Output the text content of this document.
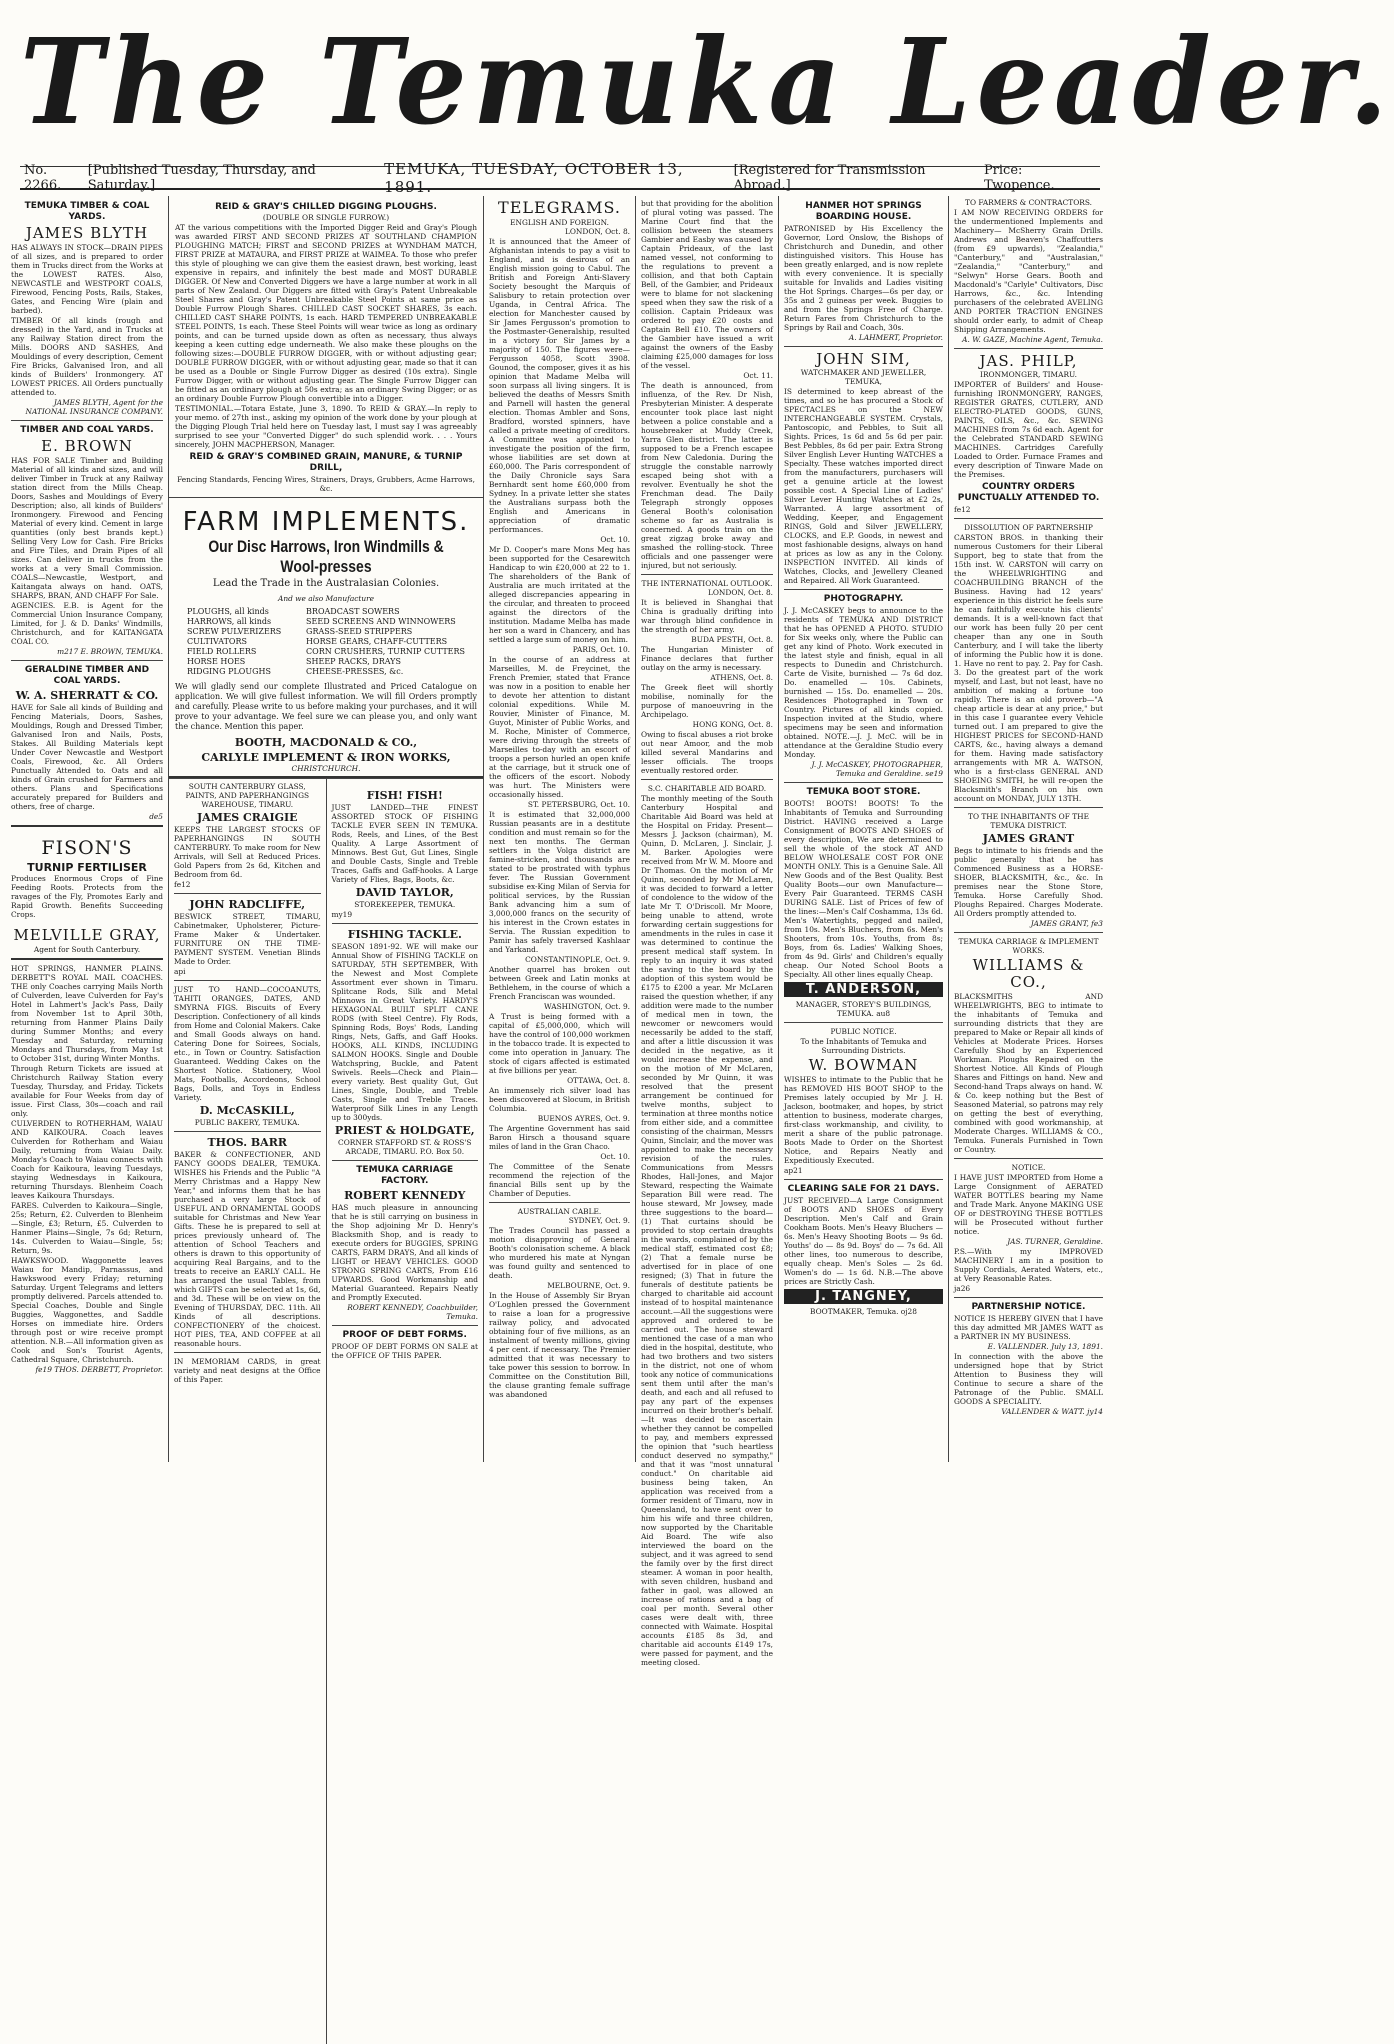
The Temuka Leader.
No. 2266.
[Published Tuesday, Thursday, and Saturday.]
TEMUKA, TUESDAY, OCTOBER 13, 1891.
[Registered for Transmission Abroad.]
Price: Twopence.
TEMUKA TIMBER & COAL YARDS.
JAMES BLYTH

HAS ALWAYS IN STOCK—DRAIN PIPES of all sizes, and is prepared to order them in Trucks direct from the Works at the LOWEST RATES. Also, NEWCASTLE and WESTPORT COALS, Firewood, Fencing Posts, Rails, Stakes, Gates, and Fencing Wire (plain and barbed).

TIMBER Of all kinds (rough and dressed) in the Yard, and in Trucks at any Railway Station direct from the Mills. DOORS AND SASHES, And Mouldings of every description, Cement Fire Bricks, Galvanised Iron, and all kinds of Builders' Ironmongery. AT LOWEST PRICES. All Orders punctually attended to.

JAMES BLYTH, Agent for the NATIONAL INSURANCE COMPANY.

TIMBER AND COAL YARDS.
E. BROWN

HAS FOR SALE Timber and Building Material of all kinds and sizes, and will deliver Timber in Truck at any Railway station direct from the Mills Cheap. Doors, Sashes and Mouldings of Every Description; also, all kinds of Builders' Ironmongery. Firewood and Fencing Material of every kind. Cement in large quantities (only best brands kept.) Selling Very Low for Cash. Fire Bricks and Fire Tiles, and Drain Pipes of all sizes. Can deliver in trucks from the works at a very Small Commission. COALS—Newcastle, Westport, and Kaitangata always on hand. OATS, SHARPS, BRAN, AND CHAFF For Sale.

AGENCIES. E.B. is Agent for the Commercial Union Insurance Company, Limited, for J. & D. Danks' Windmills, Christchurch, and for KAITANGATA COAL CO.

m217 E. BROWN, TEMUKA.

GERALDINE TIMBER AND COAL YARDS.
W. A. SHERRATT & CO.

HAVE for Sale all kinds of Building and Fencing Materials, Doors, Sashes, Mouldings, Rough and Dressed Timber, Galvanised Iron and Nails, Posts, Stakes. All Building Materials kept Under Cover Newcastle and Westport Coals, Firewood, &c. All Orders Punctually Attended to. Oats and all kinds of Grain crushed for Farmers and others. Plans and Specifications accurately prepared for Builders and others, free of charge.

de5

FISON'S
TURNIP FERTILISER

Produces Enormous Crops of Fine Feeding Roots. Protects from the ravages of the Fly, Promotes Early and Rapid Growth. Benefits Succeeding Crops.

MELVILLE GRAY,

Agent for South Canterbury.

HOT SPRINGS, HANMER PLAINS. DERBETT'S ROYAL MAIL COACHES. THE only Coaches carrying Mails North of Culverden, leave Culverden for Fay's Hotel in Lahmert's Jack's Pass, Daily from November 1st to April 30th, returning from Hanmer Plains Daily during Summer Months; and every Tuesday and Saturday, returning Mondays and Thursdays, from May 1st to October 31st, during Winter Months.

Through Return Tickets are issued at Christchurch Railway Station every Tuesday, Thursday, and Friday. Tickets available for Four Weeks from day of issue. First Class, 30s—coach and rail only.

CULVERDEN to ROTHERHAM, WAIAU AND KAIKOURA. Coach leaves Culverden for Rotherham and Waiau Daily, returning from Waiau Daily. Monday's Coach to Waiau connects with Coach for Kaikoura, leaving Tuesdays, staying Wednesdays in Kaikoura, returning Thursdays. Blenheim Coach leaves Kaikoura Thursdays.

FARES. Culverden to Kaikoura—Single, 25s; Return, £2. Culverden to Blenheim—Single, £3; Return, £5. Culverden to Hanmer Plains—Single, 7s 6d; Return, 14s. Culverden to Waiau—Single, 5s; Return, 9s.

HAWKSWOOD. Waggonette leaves Waiau for Mandip, Parnassus, and Hawkswood every Friday; returning Saturday. Urgent Telegrams and letters promptly delivered. Parcels attended to. Special Coaches, Double and Single Buggies, Waggonettes, and Saddle Horses on immediate hire. Orders through post or wire receive prompt attention. N.B.—All information given as Cook and Son's Tourist Agents, Cathedral Square, Christchurch.

fe19 THOS. DERBETT, Proprietor.

REID & GRAY'S CHILLED DIGGING PLOUGHS.
(DOUBLE OR SINGLE FURROW.)

AT the various competitions with the Imported Digger Reid and Gray's Plough was awarded FIRST AND SECOND PRIZES AT SOUTHLAND CHAMPION PLOUGHING MATCH; FIRST and SECOND PRIZES at WYNDHAM MATCH, FIRST PRIZE at MATAURA, and FIRST PRIZE at WAIMEA. To those who prefer this style of ploughing we can give them the easiest drawn, best working, least expensive in repairs, and infinitely the best made and MOST DURABLE DIGGER. Of New and Converted Diggers we have a large number at work in all parts of New Zealand. Our Diggers are fitted with Gray's Patent Unbreakable Steel Shares and Gray's Patent Unbreakable Steel Points at same price as Double Furrow Plough Shares. CHILLED CAST SOCKET SHARES, 3s each. CHILLED CAST SHARE POINTS, 1s each. HARD TEMPERED UNBREAKABLE STEEL POINTS, 1s each. These Steel Points will wear twice as long as ordinary points, and can be turned upside down as often as necessary, thus always keeping a keen cutting edge underneath. We also make these ploughs on the following sizes:—DOUBLE FURROW DIGGER, with or without adjusting gear; DOUBLE FURROW DIGGER, with or without adjusting gear, made so that it can be used as a Double or Single Furrow Digger as desired (10s extra). Single Furrow Digger, with or without adjusting gear. The Single Furrow Digger can be fitted as an ordinary plough at 50s extra; as an ordinary Swing Digger; or as an ordinary Double Furrow Plough convertible into a Digger.

TESTIMONIAL.—Totara Estate, June 3, 1890. To REID & GRAY.—In reply to your memo. of 27th inst., asking my opinion of the work done by your plough at the Digging Plough Trial held here on Tuesday last, I must say I was agreeably surprised to see your "Converted Digger" do such splendid work. . . . Yours sincerely, JOHN MACPHERSON, Manager.

REID & GRAY'S COMBINED GRAIN, MANURE, & TURNIP DRILL,

Fencing Standards, Fencing Wires, Strainers, Drays, Grubbers, Acme Harrows, &c.

FARM IMPLEMENTS.
Our Disc Harrows, Iron Windmills & Wool-presses
Lead the Trade in the Australasian Colonies.
And we also Manufacture
PLOUGHS, all kinds
HARROWS, all kinds
SCREW PULVERIZERS
CULTIVATORS
FIELD ROLLERS
HORSE HOES
RIDGING PLOUGHS
BROADCAST SOWERS
SEED SCREENS AND WINNOWERS
GRASS-SEED STRIPPERS
HORSE GEARS, CHAFF-CUTTERS
CORN CRUSHERS, TURNIP CUTTERS
SHEEP RACKS, DRAYS
CHEESE-PRESSES, &c.

We will gladly send our complete Illustrated and Priced Catalogue on application. We will give fullest information. We will fill Orders promptly and carefully. Please write to us before making your purchases, and it will prove to your advantage. We feel sure we can please you, and only want the chance. Mention this paper.

BOOTH, MACDONALD & CO.,
CARLYLE IMPLEMENT & IRON WORKS,
CHRISTCHURCH.

SOUTH CANTERBURY GLASS, PAINTS, AND PAPERHANGINGS WAREHOUSE, TIMARU.

JAMES CRAIGIE

KEEPS THE LARGEST STOCKS OF PAPERHANGINGS IN SOUTH CANTERBURY. To make room for New Arrivals, will Sell at Reduced Prices. Gold Papers from 2s 6d, Kitchen and Bedroom from 6d.

fe12

JOHN RADCLIFFE,

BESWICK STREET, TIMARU, Cabinetmaker, Upholsterer, Picture-Frame Maker & Undertaker. FURNITURE ON THE TIME-PAYMENT SYSTEM. Venetian Blinds Made to Order.

api

JUST TO HAND—COCOANUTS, TAHITI ORANGES, DATES, AND SMYRNA FIGS. Biscuits of Every Description. Confectionery of all kinds from Home and Colonial Makers. Cake and Small Goods always on hand. Catering Done for Soirees, Socials, etc., in Town or Country. Satisfaction Guaranteed. Wedding Cakes on the Shortest Notice. Stationery, Wool Mats, Footballs, Accordeons, School Bags, Dolls, and Toys in Endless Variety.

D. McCASKILL,

PUBLIC BAKERY, TEMUKA.

THOS. BARR

BAKER & CONFECTIONER, AND FANCY GOODS DEALER, TEMUKA. WISHES his Friends and the Public "A Merry Christmas and a Happy New Year," and informs them that he has purchased a very large Stock of USEFUL AND ORNAMENTAL GOODS suitable for Christmas and New Year Gifts. These he is prepared to sell at prices previously unheard of. The attention of School Teachers and others is drawn to this opportunity of acquiring Real Bargains, and to the treats to receive an EARLY CALL. He has arranged the usual Tables, from which GIFTS can be selected at 1s, 6d, and 3d. These will be on view on the Evening of THURSDAY, DEC. 11th. All Kinds of all descriptions. CONFECTIONERY of the choicest. HOT PIES, TEA, AND COFFEE at all reasonable hours.

IN MEMORIAM CARDS, in great variety and neat designs at the Office of this Paper.

FISH! FISH!

JUST LANDED—THE FINEST ASSORTED STOCK OF FISHING TACKLE EVER SEEN IN TEMUKA. Rods, Reels, and Lines, of the Best Quality. A Large Assortment of Minnows. Best Gut, Gut Lines, Single and Double Casts, Single and Treble Traces, Gaffs and Gaff-hooks. A Large Variety of Flies, Bags, Boots, &c.

DAVID TAYLOR,

STOREKEEPER, TEMUKA.

my19

FISHING TACKLE.

SEASON 1891-92. WE will make our Annual Show of FISHING TACKLE on SATURDAY, 5TH SEPTEMBER, With the Newest and Most Complete Assortment ever shown in Timaru. Splitcane Rods, Silk and Metal Minnows in Great Variety. HARDY'S HEXAGONAL BUILT SPLIT CANE RODS (with Steel Centre). Fly Rods, Spinning Rods, Boys' Rods, Landing Rings, Nets, Gaffs, and Gaff Hooks. HOOKS, ALL KINDS, INCLUDING SALMON HOOKS. Single and Double Watchspring, Buckle, and Patent Swivels. Reels—Check and Plain—every variety. Best quality Gut, Gut Lines, Single, Double, and Treble Casts, Single and Treble Traces. Waterproof Silk Lines in any Length up to 300yds.

PRIEST & HOLDGATE,

CORNER STAFFORD ST. & ROSS'S ARCADE, TIMARU. P.O. Box 50.

TEMUKA CARRIAGE FACTORY.
ROBERT KENNEDY

HAS much pleasure in announcing that he is still carrying on business in the Shop adjoining Mr D. Henry's Blacksmith Shop, and is ready to execute orders for BUGGIES, SPRING CARTS, FARM DRAYS, And all kinds of LIGHT or HEAVY VEHICLES. GOOD STRONG SPRING CARTS, From £16 UPWARDS. Good Workmanship and Material Guaranteed. Repairs Neatly and Promptly Executed.

ROBERT KENNEDY, Coachbuilder, Temuka.

PROOF OF DEBT FORMS.

PROOF OF DEBT FORMS ON SALE at the OFFICE OF THIS PAPER.

TELEGRAMS.
ENGLISH AND FOREIGN.
LONDON, Oct. 8.

It is announced that the Ameer of Afghanistan intends to pay a visit to England, and is desirous of an English mission going to Cabul. The British and Foreign Anti-Slavery Society besought the Marquis of Salisbury to retain protection over Uganda, in Central Africa. The election for Manchester caused by Sir James Fergusson's promotion to the Postmaster-Generalship, resulted in a victory for Sir James by a majority of 150. The figures were—Fergusson 4058, Scott 3908. Gounod, the composer, gives it as his opinion that Madame Melba will soon surpass all living singers. It is believed the deaths of Messrs Smith and Parnell will hasten the general election. Thomas Ambler and Sons, Bradford, worsted spinners, have called a private meeting of creditors. A Committee was appointed to investigate the position of the firm, whose liabilities are set down at £60,000. The Paris correspondent of the Daily Chronicle says Sara Bernhardt sent home £60,000 from Sydney. In a private letter she states the Australians surpass both the English and Americans in appreciation of dramatic performances.

Oct. 10.

Mr D. Cooper's mare Mons Meg has been supported for the Cesarewitch Handicap to win £20,000 at 22 to 1. The shareholders of the Bank of Australia are much irritated at the alleged discrepancies appearing in the circular, and threaten to proceed against the directors of the institution. Madame Melba has made her son a ward in Chancery, and has settled a large sum of money on him.

PARIS, Oct. 10.

In the course of an address at Marseilles, M. de Freycinet, the French Premier, stated that France was now in a position to enable her to devote her attention to distant colonial expeditions. While M. Rouvier, Minister of Finance, M. Guyot, Minister of Public Works, and M. Roche, Minister of Commerce, were driving through the streets of Marseilles to-day with an escort of troops a person hurled an open knife at the carriage, but it struck one of the officers of the escort. Nobody was hurt. The Ministers were occasionally hissed.

ST. PETERSBURG, Oct. 10.

It is estimated that 32,000,000 Russian peasants are in a destitute condition and must remain so for the next ten months. The German settlers in the Volga district are famine-stricken, and thousands are stated to be prostrated with typhus fever. The Russian Government subsidise ex-King Milan of Servia for political services, by the Russian Bank advancing him a sum of 3,000,000 francs on the security of his interest in the Crown estates in Servia. The Russian expedition to Pamir has safely traversed Kashlaar and Yarkand.

CONSTANTINOPLE, Oct. 9.

Another quarrel has broken out between Greek and Latin monks at Bethlehem, in the course of which a French Franciscan was wounded.

WASHINGTON, Oct. 9.

A Trust is being formed with a capital of £5,000,000, which will have the control of 100,000 workmen in the tobacco trade. It is expected to come into operation in January. The stock of cigars affected is estimated at five billions per year.

OTTAWA, Oct. 8.

An immensely rich silver load has been discovered at Slocum, in British Columbia.

BUENOS AYRES, Oct. 9.

The Argentine Government has said Baron Hirsch a thousand square miles of land in the Gran Chaco.

Oct. 10.

The Committee of the Senate recommend the rejection of the financial Bills sent up by the Chamber of Deputies.

AUSTRALIAN CABLE.
SYDNEY, Oct. 9.

The Trades Council has passed a motion disapproving of General Booth's colonisation scheme. A black who murdered his mate at Nyngan was found guilty and sentenced to death.

MELBOURNE, Oct. 9.

In the House of Assembly Sir Bryan O'Loghlen pressed the Government to raise a loan for a progressive railway policy, and advocated obtaining four of five millions, as an instalment of twenty millions, giving 4 per cent. if necessary. The Premier admitted that it was necessary to take power this session to borrow. In Committee on the Constitution Bill, the clause granting female suffrage was abandoned

but that providing for the abolition of plural voting was passed. The Marine Court find that the collision between the steamers Gambier and Easby was caused by Captain Prideaux, of the last named vessel, not conforming to the regulations to prevent a collision, and that both Captain Bell, of the Gambier, and Prideaux were to blame for not slackening speed when they saw the risk of a collision. Captain Prideaux was ordered to pay £20 costs and Captain Bell £10. The owners of the Gambier have issued a writ against the owners of the Easby claiming £25,000 damages for loss of the vessel.

Oct. 11.

The death is announced, from influenza, of the Rev. Dr Nish, Presbyterian Minister. A desperate encounter took place last night between a police constable and a housebreaker at Muddy Creek, Yarra Glen district. The latter is supposed to be a French escapee from New Caledonia. During the struggle the constable narrowly escaped being shot with a revolver. Eventually he shot the Frenchman dead. The Daily Telegraph strongly opposes General Booth's colonisation scheme so far as Australia is concerned. A goods train on the great zigzag broke away and smashed the rolling-stock. Three officials and one passenger were injured, but not seriously.

THE INTERNATIONAL OUTLOOK.
LONDON, Oct. 8.

It is believed in Shanghai that China is gradually drifting into war through blind confidence in the strength of her army.

BUDA PESTH, Oct. 8.

The Hungarian Minister of Finance declares that further outlay on the army is necessary.

ATHENS, Oct. 8.

The Greek fleet will shortly mobilise, nominally for the purpose of manoeuvring in the Archipelago.

HONG KONG, Oct. 8.

Owing to fiscal abuses a riot broke out near Amoor, and the mob killed several Mandarins and lesser officials. The troops eventually restored order.

S.C. CHARITABLE AID BOARD.

The monthly meeting of the South Canterbury Hospital and Charitable Aid Board was held at the Hospital on Friday. Present—Messrs J. Jackson (chairman), M. Quinn, D. McLaren, J. Sinclair, J. M. Barker. Apologies were received from Mr W. M. Moore and Dr Thomas. On the motion of Mr Quinn, seconded by Mr McLaren, it was decided to forward a letter of condolence to the widow of the late Mr T. O'Driscoll. Mr Moore, being unable to attend, wrote forwarding certain suggestions for amendments in the rules in case it was determined to continue the present medical staff system. In reply to an inquiry it was stated the saving to the board by the adoption of this system would be £175 to £200 a year. Mr McLaren raised the question whether, if any addition were made to the number of medical men in town, the newcomer or newcomers would necessarily be added to the staff, and after a little discussion it was decided in the negative, as it would increase the expense, and on the motion of Mr McLaren, seconded by Mr Quinn, it was resolved that the present arrangement be continued for twelve months, subject to termination at three months notice from either side, and a committee consisting of the chairman, Messrs Quinn, Sinclair, and the mover was appointed to make the necessary revision of the rules. Communications from Messrs Rhodes, Hall-Jones, and Major Steward, respecting the Waimate Separation Bill were read. The house steward, Mr Jowsey, made three suggestions to the board—(1) That curtains should be provided to stop certain draughts in the wards, complained of by the medical staff, estimated cost £8; (2) That a female nurse be advertised for in place of one resigned; (3) That in future the funerals of destitute patients be charged to charitable aid account instead of to hospital maintenance account.—All the suggestions were approved and ordered to be carried out. The house steward mentioned the case of a man who died in the hospital, destitute, who had two brothers and two sisters in the district, not one of whom took any notice of communications sent them until after the man's death, and each and all refused to pay any part of the expenses incurred on their brother's behalf.—It was decided to ascertain whether they cannot be compelled to pay, and members expressed the opinion that "such heartless conduct deserved no sympathy," and that it was "most unnatural conduct." On charitable aid business being taken, An application was received from a former resident of Timaru, now in Queensland, to have sent over to him his wife and three children, now supported by the Charitable Aid Board. The wife also interviewed the board on the subject, and it was agreed to send the family over by the first direct steamer. A woman in poor health, with seven children, husband and father in gaol, was allowed an increase of rations and a bag of coal per month. Several other cases were dealt with, three connected with Waimate. Hospital accounts £185 8s 3d, and charitable aid accounts £149 17s, were passed for payment, and the meeting closed.

HANMER HOT SPRINGS BOARDING HOUSE.

PATRONISED by His Excellency the Governor, Lord Onslow, the Bishops of Christchurch and Dunedin, and other distinguished visitors. This House has been greatly enlarged, and is now replete with every convenience. It is specially suitable for Invalids and Ladies visiting the Hot Springs. Charges—6s per day, or 35s and 2 guineas per week. Buggies to and from the Springs Free of Charge. Return Fares from Christchurch to the Springs by Rail and Coach, 30s.

A. LAHMERT, Proprietor.

JOHN SIM,
WATCHMAKER AND JEWELLER, TEMUKA,

IS determined to keep abreast of the times, and so he has procured a Stock of SPECTACLES on the NEW INTERCHANGEABLE SYSTEM. Crystals, Pantoscopic, and Pebbles, to Suit all Sights. Prices, 1s 6d and 5s 6d per pair. Best Pebbles, 8s 6d per pair. Extra Strong Silver English Lever Hunting WATCHES a Specialty. These watches imported direct from the manufacturers, purchasers will get a genuine article at the lowest possible cost. A Special Line of Ladies' Silver Lever Hunting Watches at £2 2s, Warranted. A large assortment of Wedding, Keeper, and Engagement RINGS, Gold and Silver JEWELLERY, CLOCKS, and E.P. Goods, in newest and most fashionable designs, always on hand at prices as low as any in the Colony. INSPECTION INVITED. All kinds of Watches, Clocks, and Jewellery Cleaned and Repaired. All Work Guaranteed.

PHOTOGRAPHY.

J. J. McCASKEY begs to announce to the residents of TEMUKA AND DISTRICT that he has OPENED A PHOTO. STUDIO for Six weeks only, where the Public can get any kind of Photo. Work executed in the latest style and finish, equal in all respects to Dunedin and Christchurch. Carte de Visite, burnished — 7s 6d doz. Do. enamelled — 10s. Cabinets, burnished — 15s. Do. enamelled — 20s. Residences Photographed in Town or Country. Pictures of all kinds copied. Inspection invited at the Studio, where specimens may be seen and information obtained. NOTE.—J. J. McC. will be in attendance at the Geraldine Studio every Monday.

J. J. McCASKEY, PHOTOGRAPHER, Temuka and Geraldine. se19

TEMUKA BOOT STORE.

BOOTS! BOOTS! BOOTS! To the Inhabitants of Temuka and Surrounding District. HAVING received a Large Consignment of BOOTS AND SHOES of every description, We are determined to sell the whole of the stock AT AND BELOW WHOLESALE COST FOR ONE MONTH ONLY. This is a Genuine Sale. All New Goods and of the Best Quality. Best Quality Boots—our own Manufacture—Every Pair Guaranteed. TERMS CASH DURING SALE. List of Prices of few of the lines:—Men's Calf Coshamma, 13s 6d. Men's Watertights, pegged and nailed, from 10s. Men's Bluchers, from 6s. Men's Shooters, from 10s. Youths, from 8s; Boys, from 6s. Ladies' Walking Shoes, from 4s 9d. Girls' and Children's equally cheap. Our Noted School Boots a Specialty. All other lines equally Cheap.

T. ANDERSON,

MANAGER, STOREY'S BUILDINGS, TEMUKA. au8

PUBLIC NOTICE.

To the Inhabitants of Temuka and Surrounding Districts.

W. BOWMAN

WISHES to intimate to the Public that he has REMOVED HIS BOOT SHOP to the Premises lately occupied by Mr J. H. Jackson, bootmaker, and hopes, by strict attention to business, moderate charges, first-class workmanship, and civility, to merit a share of the public patronage. Boots Made to Order on the Shortest Notice, and Repairs Neatly and Expeditiously Executed.

ap21

CLEARING SALE FOR 21 DAYS.

JUST RECEIVED—A Large Consignment of BOOTS AND SHOES of Every Description. Men's Calf and Grain Cookham Boots. Men's Heavy Bluchers — 6s. Men's Heavy Shooting Boots — 9s 6d. Youths' do — 8s 9d. Boys' do — 7s 6d. All other lines, too numerous to describe, equally cheap. Men's Soles — 2s 6d. Women's do — 1s 6d. N.B.—The above prices are Strictly Cash.

J. TANGNEY,

BOOTMAKER, Temuka. oj28

TO FARMERS & CONTRACTORS.

I AM NOW RECEIVING ORDERS for the undermentioned Implements and Machinery— McSherry Grain Drills. Andrews and Beaven's Chaffcutters (from £9 upwards), "Zealandia," "Canterbury," and "Australasian," "Zealandia," "Canterbury," and "Selwyn" Horse Gears. Booth and Macdonald's "Carlyle" Cultivators, Disc Harrows, &c., &c. Intending purchasers of the celebrated AVELING AND PORTER TRACTION ENGINES should order early, to admit of Cheap Shipping Arrangements.

A. W. GAZE, Machine Agent, Temuka.

JAS. PHILP,
IRONMONGER, TIMARU.

IMPORTER of Builders' and House-furnishing IRONMONGERY, RANGES, REGISTER GRATES, CUTLERY, AND ELECTRO-PLATED GOODS, GUNS, PAINTS, OILS, &c., &c. SEWING MACHINES from 7s 6d each. Agent for the Celebrated STANDARD SEWING MACHINES. Cartridges Carefully Loaded to Order. Furnace Frames and every description of Tinware Made on the Premises.

COUNTRY ORDERS PUNCTUALLY ATTENDED TO.

fe12

DISSOLUTION OF PARTNERSHIP

CARSTON BROS. in thanking their numerous Customers for their Liberal Support, beg to state that from the 15th inst. W. CARSTON will carry on the WHEELWRIGHTING and COACHBUILDING BRANCH of the Business. Having had 12 years' experience in this district he feels sure he can faithfully execute his clients' demands. It is a well-known fact that our work has been fully 20 per cent cheaper than any one in South Canterbury, and I will take the liberty of informing the Public how it is done. 1. Have no rent to pay. 2. Pay for Cash. 3. Do the greatest part of the work myself, and Last, but not least, have no ambition of making a fortune too rapidly. There is an old proverb—"A cheap article is dear at any price," but in this case I guarantee every Vehicle turned out. I am prepared to give the HIGHEST PRICES for SECOND-HAND CARTS, &c., having always a demand for them. Having made satisfactory arrangements with MR A. WATSON, who is a first-class GENERAL AND SHOEING SMITH, he will re-open the Blacksmith's Branch on his own account on MONDAY, JULY 13TH.

TO THE INHABITANTS OF THE TEMUKA DISTRICT.
JAMES GRANT

Begs to intimate to his friends and the public generally that he has Commenced Business as a HORSE-SHOER, BLACKSMITH, &c., &c. In premises near the Stone Store, Temuka. Horse Carefully Shod. Ploughs Repaired. Charges Moderate. All Orders promptly attended to.

JAMES GRANT, fe3

TEMUKA CARRIAGE & IMPLEMENT WORKS.
WILLIAMS & CO.,

BLACKSMITHS AND WHEELWRIGHTS, BEG to intimate to the inhabitants of Temuka and surrounding districts that they are prepared to Make or Repair all kinds of Vehicles at Moderate Prices. Horses Carefully Shod by an Experienced Workman. Ploughs Repaired on the Shortest Notice. All Kinds of Plough Shares and Fittings on hand. New and Second-hand Traps always on hand. W. & Co. keep nothing but the Best of Seasoned Material, so patrons may rely on getting the best of everything, combined with good workmanship, at Moderate Charges. WILLIAMS & CO., Temuka. Funerals Furnished in Town or Country.

NOTICE.

I HAVE JUST IMPORTED from Home a Large Consignment of AERATED WATER BOTTLES bearing my Name and Trade Mark. Anyone MAKING USE OF or DESTROYING THESE BOTTLES will be Prosecuted without further notice.

JAS. TURNER, Geraldine.

P.S.—With my IMPROVED MACHINERY I am in a position to Supply Cordials, Aerated Waters, etc., at Very Reasonable Rates.

ja26

PARTNERSHIP NOTICE.

NOTICE IS HEREBY GIVEN that I have this day admitted MR JAMES WATT as a PARTNER IN MY BUSINESS.

E. VALLENDER. July 13, 1891.

In connection with the above the undersigned hope that by Strict Attention to Business they will Continue to secure a share of the Patronage of the Public. SMALL GOODS A SPECIALITY.

VALLENDER & WATT. jy14
